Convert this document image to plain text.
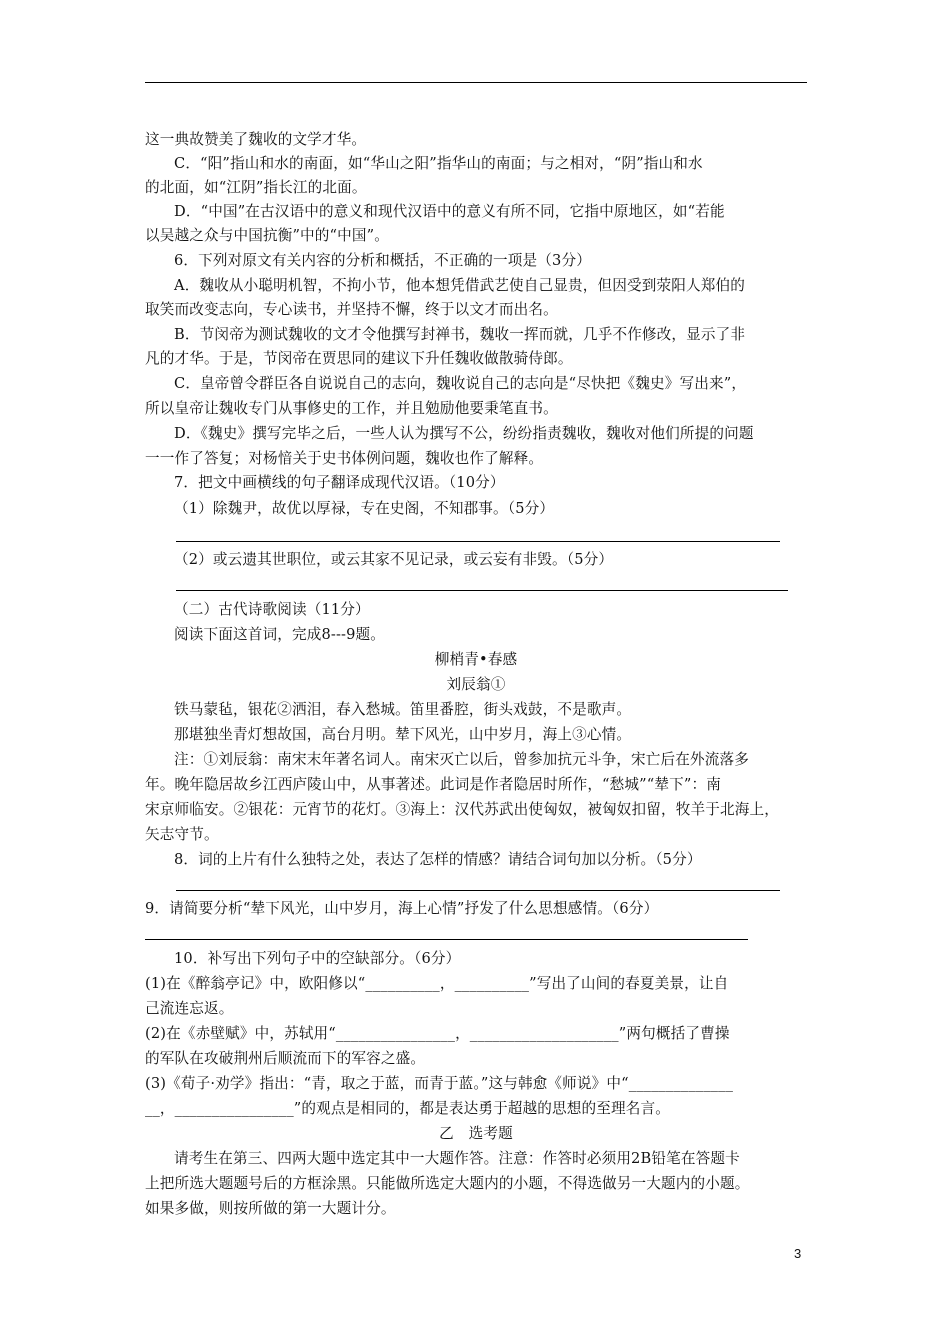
这一典故赞美了魏收的文学才华。
C．“阳”指山和水的南面，如“华山之阳”指华山的南面；与之相对，“阴”指山和水
的北面，如“江阴”指长江的北面。
D．“中国”在古汉语中的意义和现代汉语中的意义有所不同，它指中原地区，如“若能
以吴越之众与中国抗衡”中的“中国”。
6．下列对原文有关内容的分析和概括，不正确的一项是（3分）
A．魏收从小聪明机智，不拘小节，他本想凭借武艺使自己显贵，但因受到荥阳人郑伯的
取笑而改变志向，专心读书，并坚持不懈，终于以文才而出名。
B．节闵帝为测试魏收的文才令他撰写封禅书，魏收一挥而就，几乎不作修改，显示了非
凡的才华。于是，节闵帝在贾思同的建议下升任魏收做散骑侍郎。
C．皇帝曾令群臣各自说说自己的志向，魏收说自己的志向是“尽快把《魏史》写出来”，
所以皇帝让魏收专门从事修史的工作，并且勉励他要秉笔直书。
D．《魏史》撰写完毕之后，一些人认为撰写不公，纷纷指责魏收，魏收对他们所提的问题
一一作了答复；对杨愔关于史书体例问题，魏收也作了解释。
7．把文中画横线的句子翻译成现代汉语。（10分）
（1）除魏尹，故优以厚禄，专在史阁，不知郡事。（5分）
（2）或云遗其世职位，或云其家不见记录，或云妄有非毁。（5分）
（二）古代诗歌阅读（11分）
阅读下面这首词，完成8---9题。
柳梢青•春感
刘辰翁①
铁马蒙毡，银花②洒泪，春入愁城。笛里番腔，街头戏鼓，不是歌声。
那堪独坐青灯想故国，高台月明。辇下风光，山中岁月，海上③心情。
注：①刘辰翁：南宋末年著名词人。南宋灭亡以后，曾参加抗元斗争，宋亡后在外流落多
年。晚年隐居故乡江西庐陵山中，从事著述。此词是作者隐居时所作，“愁城”“辇下”：南
宋京师临安。②银花：元宵节的花灯。③海上：汉代苏武出使匈奴，被匈奴扣留，牧羊于北海上，
矢志守节。
8．词的上片有什么独特之处，表达了怎样的情感？请结合词句加以分析。（5分）
9．请简要分析“辇下风光，山中岁月，海上心情”抒发了什么思想感情。（6分）
10．补写出下列句子中的空缺部分。（6分）
(1)在《醉翁亭记》中，欧阳修以“__________，__________”写出了山间的春夏美景，让自
己流连忘返。
(2)在《赤壁赋》中，苏轼用“________________，____________________”两句概括了曹操
的军队在攻破荆州后顺流而下的军容之盛。
(3)《荀子·劝学》指出：“青，取之于蓝，而青于蓝。”这与韩愈《师说》中“______________
__，________________”的观点是相同的，都是表达勇于超越的思想的至理名言。
乙　选考题
请考生在第三、四两大题中选定其中一大题作答。注意：作答时必须用2B铅笔在答题卡
上把所选大题题号后的方框涂黑。只能做所选定大题内的小题，不得选做另一大题内的小题。
如果多做，则按所做的第一大题计分。
3
